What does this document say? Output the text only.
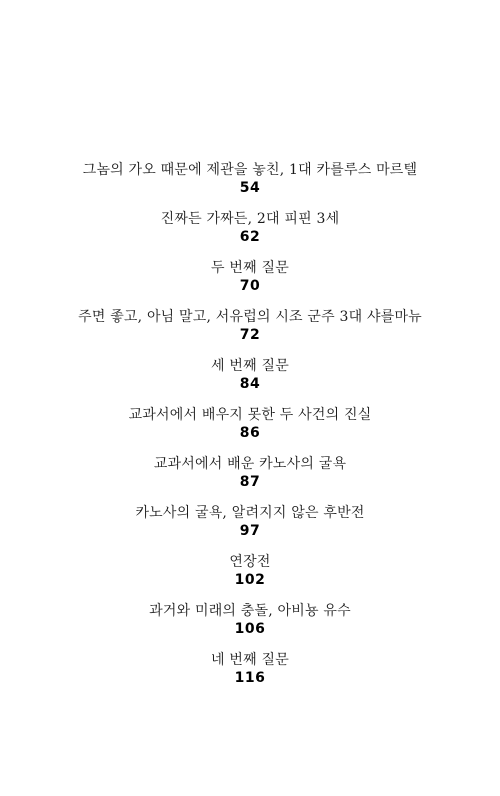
그놈의 가오 때문에 제관을 놓친, 1대 카를루스 마르텔
54
진짜든 가짜든, 2대 피핀 3세
62
두 번째 질문
70
주면 좋고, 아님 말고, 서유럽의 시조 군주 3대 샤를마뉴
72
세 번째 질문
84
교과서에서 배우지 못한 두 사건의 진실
86
교과서에서 배운 카노사의 굴욕
87
카노사의 굴욕, 알려지지 않은 후반전
97
연장전
102
과거와 미래의 충돌, 아비뇽 유수
106
네 번째 질문
116
